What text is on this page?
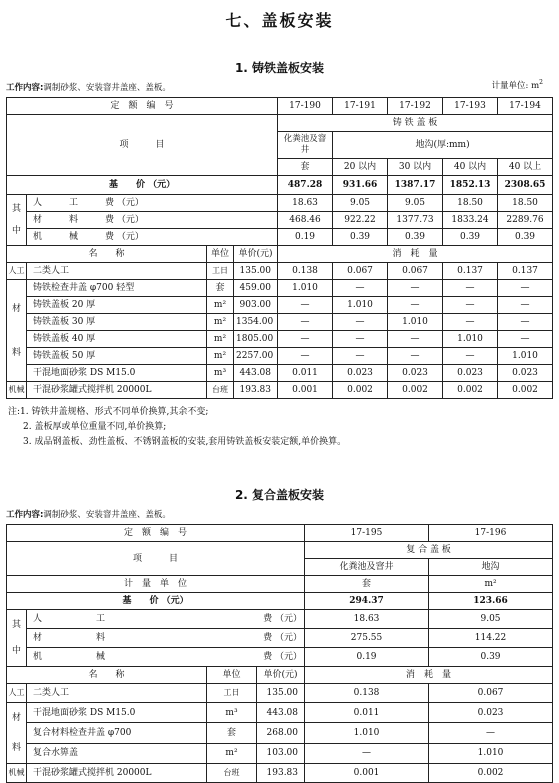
七、盖板安装
1. 铸铁盖板安装
工作内容:调制砂浆、安装窨井盖座、盖板。	计量单位: $m^2$
定　额　编　号				17-190	17-191	17-192	17-193	17-194
项　　　目				铸 铁 盖 板				
				化粪池及窨井	地沟(厚:mm)			
				套	20 以内	30 以内	40 以内	40 以上
基　　价 （元）				487.28	931.66	1387.17	1852.13	2308.65
其
中	人　　　工　　　费 （元）			18.63	9.05	9.05	18.50	18.50
	材　　　料　　　费 （元）			468.46	922.22	1377.73	1833.24	2289.76
	机　　　械　　　费 （元）			0.19	0.39	0.39	0.39	0.39
名　　称		单位	单价(元)	消　耗　量				
人工	二类人工	工日	135.00	0.138	0.067	0.067	0.137	0.137
材
料	铸铁检查井盖 φ700 轻型	套	459.00	1.010	—	—	—	—
	铸铁盖板 20 厚	m²	903.00	—	1.010	—	—	—
	铸铁盖板 30 厚	m²	1354.00	—	—	1.010	—	—
	铸铁盖板 40 厚	m²	1805.00	—	—	—	1.010	—
	铸铁盖板 50 厚	m²	2257.00	—	—	—	—	1.010
	干混地面砂浆 DS M15.0	m³	443.08	0.011	0.023	0.023	0.023	0.023
机械	干混砂浆罐式搅拌机 20000L	台班	193.83	0.001	0.002	0.002	0.002	0.002
注:1. 铸铁井盖规格、形式不同单价换算,其余不变;
2. 盖板厚或单位重量不同,单价换算;
3. 成品钢盖板、劲性盖板、不锈钢盖板的安装,套用铸铁盖板安装定额,单价换算。
2. 复合盖板安装
工作内容:调制砂浆、安装窨井盖座、盖板。
定　额　编　号				17-195	17-196
项　　　目				复 合 盖 板	
				化粪池及窨井	地沟
计　量　单　位				套	m²
基　　价 （元）				294.37	123.66
其
中	人　　　　　　工 费 （元）			18.63	9.05
	材　　　　　　料 费 （元）			275.55	114.22
	机　　　　　　械 费 （元）			0.19	0.39
名　　称		单位	单价(元)	消　耗　量	
人工	二类人工	工日	135.00	0.138	0.067
材
料	干混地面砂浆 DS M15.0	m³	443.08	0.011	0.023
	复合材料检查井盖 φ700	套	268.00	1.010	—
	复合水箅盖	m²	103.00	—	1.010
机械	干混砂浆罐式搅拌机 20000L	台班	193.83	0.001	0.002
